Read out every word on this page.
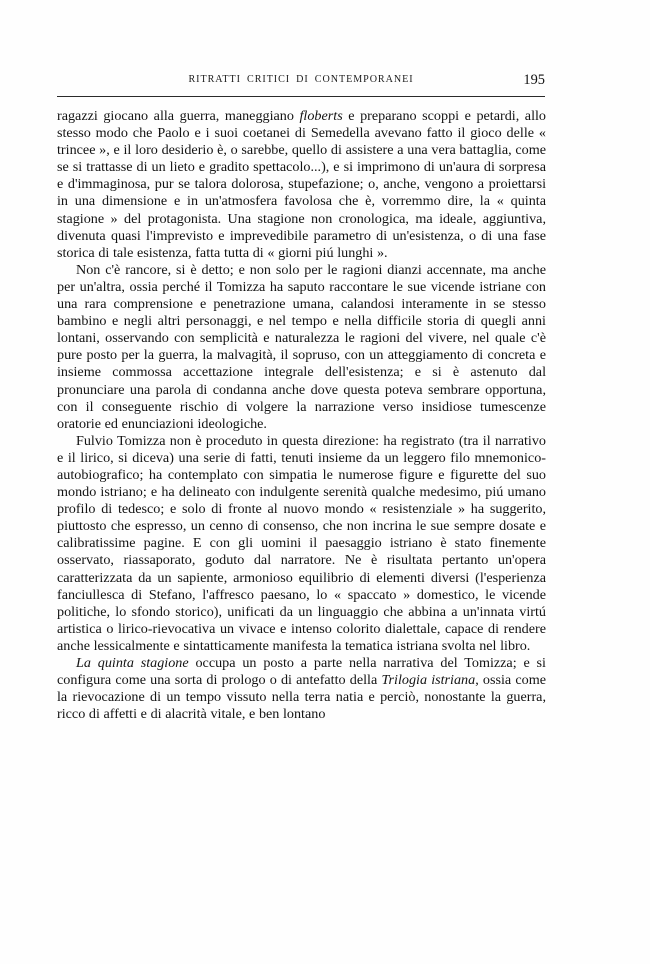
RITRATTI CRITICI DI CONTEMPORANEI	195

ragazzi giocano alla guerra, maneggiano floberts e preparano scoppi e petardi, allo stesso modo che Paolo e i suoi coetanei di Semedella avevano fatto il gioco delle « trincee », e il loro desiderio è, o sarebbe, quello di assistere a una vera battaglia, come se si trattasse di un lieto e gradito spettacolo...), e si imprimono di un'aura di sorpresa e d'immaginosa, pur se talora dolorosa, stupefazione; o, anche, vengono a proiettarsi in una dimensione e in un'atmosfera favolosa che è, vorremmo dire, la « quinta stagione » del protagonista. Una stagione non cronologica, ma ideale, aggiuntiva, divenuta quasi l'imprevisto e imprevedibile parametro di un'esistenza, o di una fase storica di tale esistenza, fatta tutta di « giorni piú lunghi ».

Non c'è rancore, si è detto; e non solo per le ragioni dianzi accennate, ma anche per un'altra, ossia perché il Tomizza ha saputo raccontare le sue vicende istriane con una rara comprensione e penetrazione umana, calandosi interamente in se stesso bambino e negli altri personaggi, e nel tempo e nella difficile storia di quegli anni lontani, osservando con semplicità e naturalezza le ragioni del vivere, nel quale c'è pure posto per la guerra, la malvagità, il sopruso, con un atteggiamento di concreta e insieme commossa accettazione integrale dell'esistenza; e si è astenuto dal pronunciare una parola di condanna anche dove questa poteva sembrare opportuna, con il conseguente rischio di volgere la narrazione verso insidiose tumescenze oratorie ed enunciazioni ideologiche.

Fulvio Tomizza non è proceduto in questa direzione: ha registrato (tra il narrativo e il lirico, si diceva) una serie di fatti, tenuti insieme da un leggero filo mnemonico-autobiografico; ha contemplato con simpatia le numerose figure e figurette del suo mondo istriano; e ha delineato con indulgente serenità qualche medesimo, piú umano profilo di tedesco; e solo di fronte al nuovo mondo « resistenziale » ha suggerito, piuttosto che espresso, un cenno di consenso, che non incrina le sue sempre dosate e calibratissime pagine. E con gli uomini il paesaggio istriano è stato finemente osservato, riassaporato, goduto dal narratore. Ne è risultata pertanto un'opera caratterizzata da un sapiente, armonioso equilibrio di elementi diversi (l'esperienza fanciullesca di Stefano, l'affresco paesano, lo « spaccato » domestico, le vicende politiche, lo sfondo storico), unificati da un linguaggio che abbina a un'innata virtú artistica o lirico-rievocativa un vivace e intenso colorito dialettale, capace di rendere anche lessicalmente e sintatticamente manifesta la tematica istriana svolta nel libro.

La quinta stagione occupa un posto a parte nella narrativa del Tomizza; e si configura come una sorta di prologo o di antefatto della Trilogia istriana, ossia come la rievocazione di un tempo vissuto nella terra natia e perciò, nonostante la guerra, ricco di affetti e di alacrità vitale, e ben lontano
